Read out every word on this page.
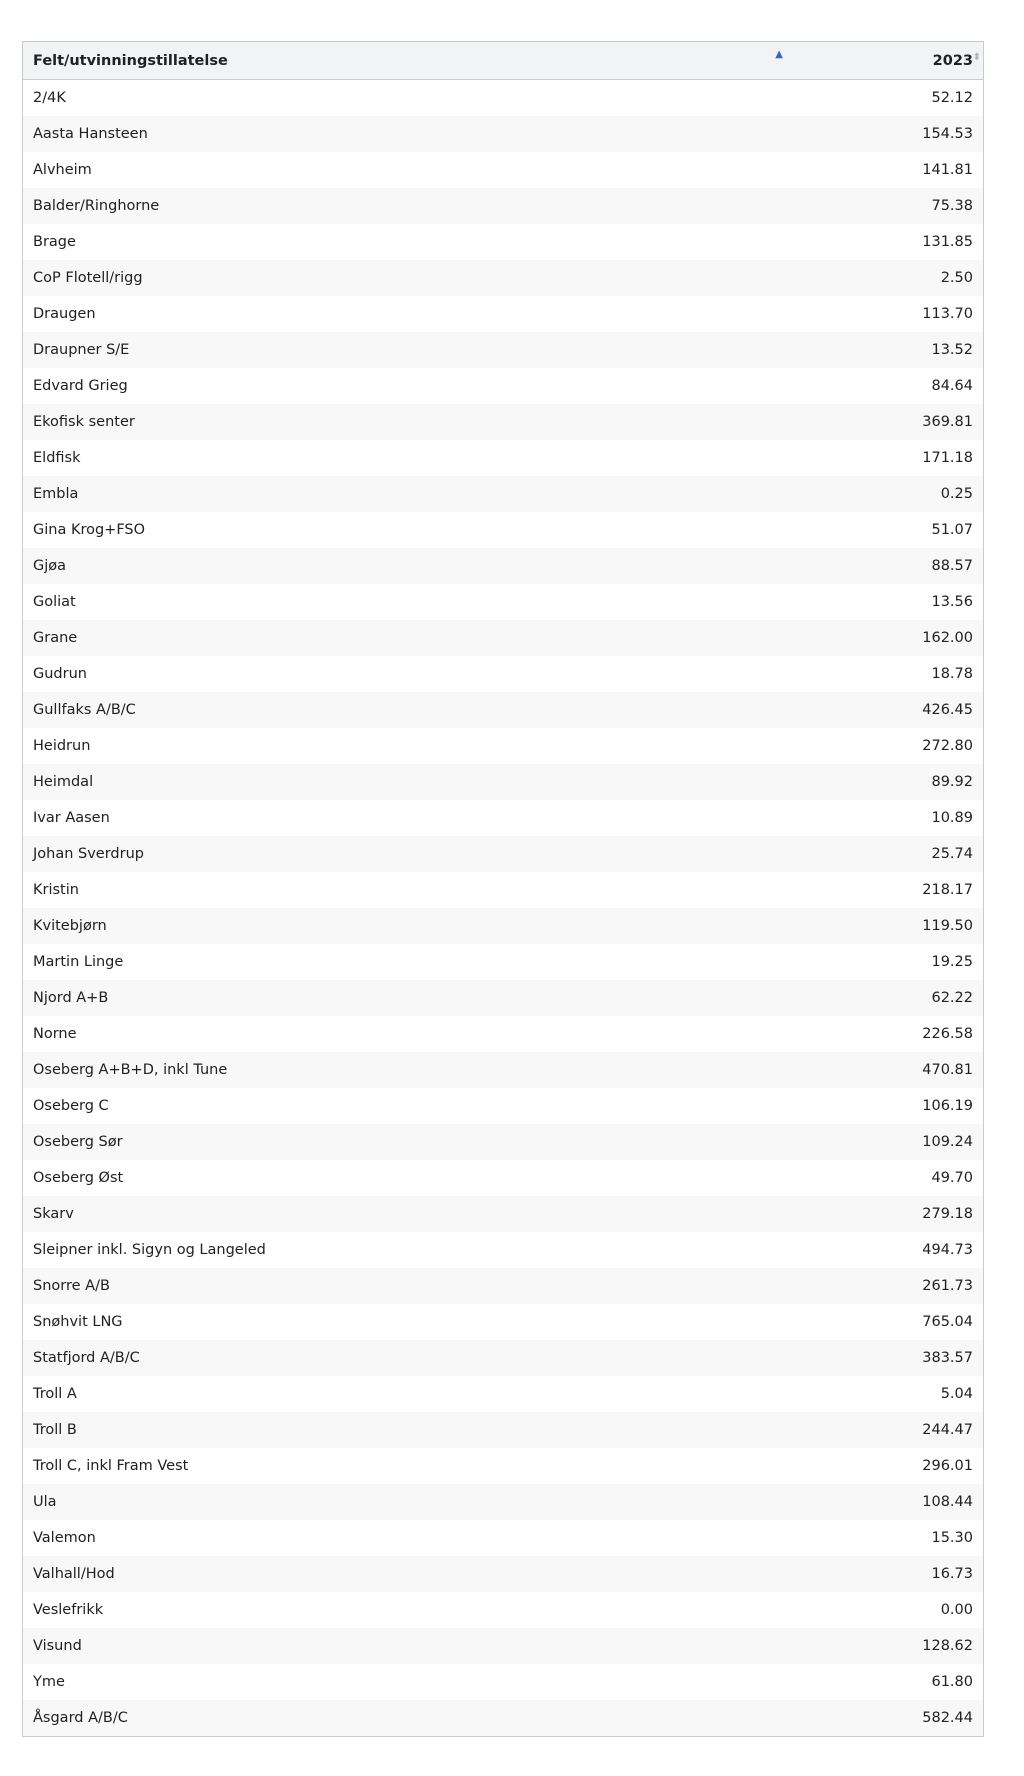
Felt/utvinningstillatelse ▲	2023 ⬍

2/4K	52.12
Aasta Hansteen	154.53
Alvheim	141.81
Balder/Ringhorne	75.38
Brage	131.85
CoP Flotell/rigg	2.50
Draugen	113.70
Draupner S/E	13.52
Edvard Grieg	84.64
Ekofisk senter	369.81
Eldfisk	171.18
Embla	0.25
Gina Krog+FSO	51.07
Gjøa	88.57
Goliat	13.56
Grane	162.00
Gudrun	18.78
Gullfaks A/B/C	426.45
Heidrun	272.80
Heimdal	89.92
Ivar Aasen	10.89
Johan Sverdrup	25.74
Kristin	218.17
Kvitebjørn	119.50
Martin Linge	19.25
Njord A+B	62.22
Norne	226.58
Oseberg A+B+D, inkl Tune	470.81
Oseberg C	106.19
Oseberg Sør	109.24
Oseberg Øst	49.70
Skarv	279.18
Sleipner inkl. Sigyn og Langeled	494.73
Snorre A/B	261.73
Snøhvit LNG	765.04
Statfjord A/B/C	383.57
Troll A	5.04
Troll B	244.47
Troll C, inkl Fram Vest	296.01
Ula	108.44
Valemon	15.30
Valhall/Hod	16.73
Veslefrikk	0.00
Visund	128.62
Yme	61.80
Åsgard A/B/C	582.44
